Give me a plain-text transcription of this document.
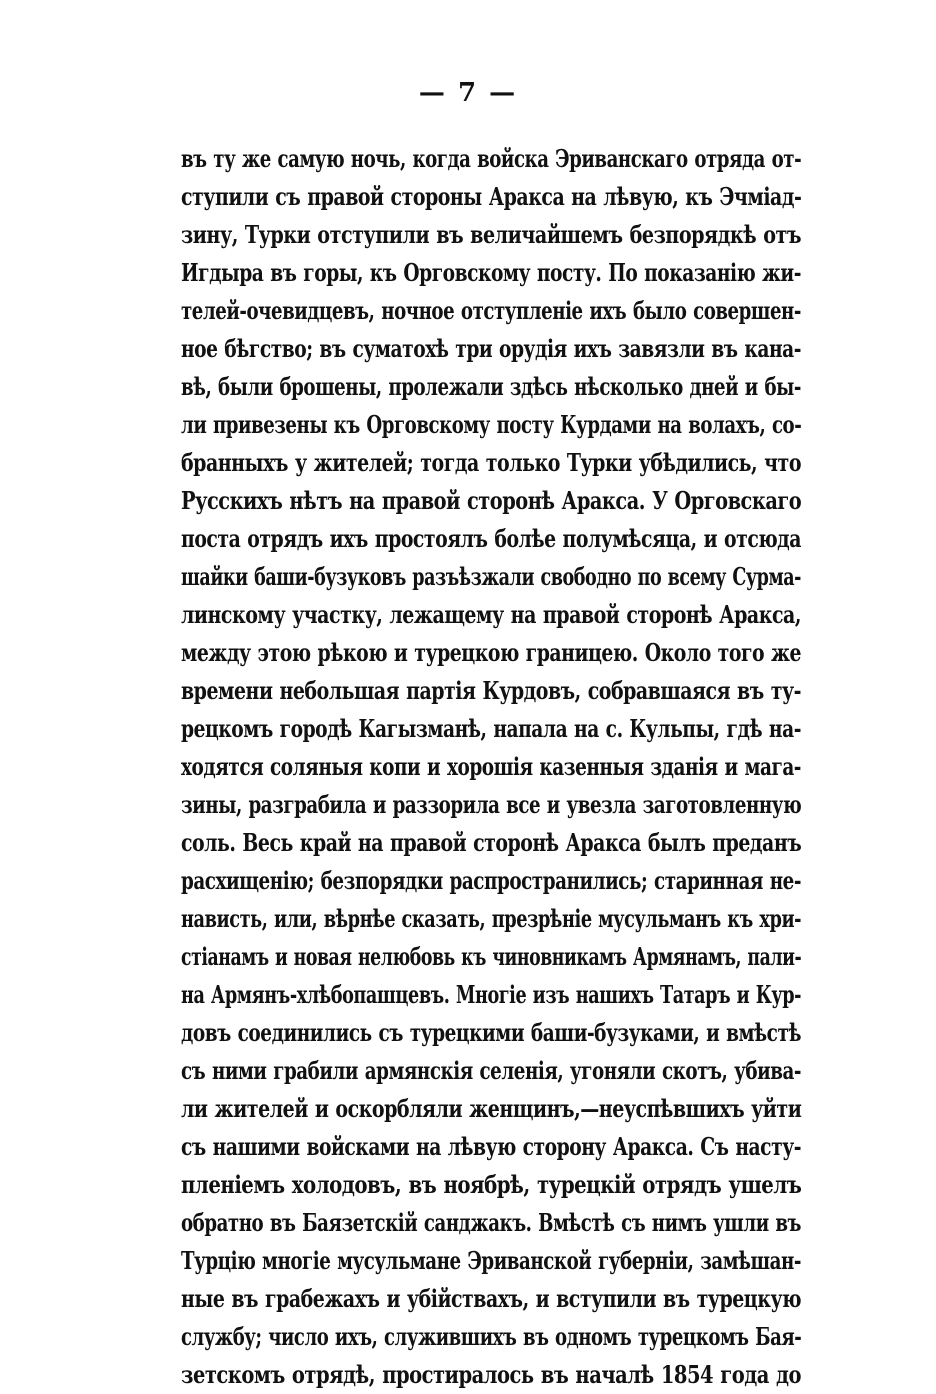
— 7 —
въ ту же самую ночь, когда войска Эриванскаго отряда от-
ступили съ правой стороны Аракса на лѣвую, къ Эчміад-
зину, Турки отступили въ величайшемъ безпорядкѣ отъ
Игдыра въ горы, къ Орговскому посту. По показанію жи-
телей-очевидцевъ, ночное отступленіе ихъ было совершен-
ное бѣгство; въ суматохѣ три орудія ихъ завязли въ кана-
вѣ, были брошены, пролежали здѣсь нѣсколько дней и бы-
ли привезены къ Орговскому посту Курдами на волахъ, со-
бранныхъ у жителей; тогда только Турки убѣдились, что
Русскихъ нѣтъ на правой сторонѣ Аракса. У Орговскаго
поста отрядъ ихъ простоялъ болѣе полумѣсяца, и отсюда
шайки баши-бузуковъ разъѣзжали свободно по всему Сурма-
линскому участку, лежащему на правой сторонѣ Аракса,
между этою рѣкою и турецкою границею. Около того же
времени небольшая партія Курдовъ, собравшаяся въ ту-
рецкомъ городѣ Кагызманѣ, напала на с. Кульпы, гдѣ на-
ходятся соляныя копи и хорошія казенныя зданія и мага-
зины, разграбила и раззорила все и увезла заготовленную
соль. Весь край на правой сторонѣ Аракса былъ преданъ
расхищенію; безпорядки распространились; старинная не-
нависть, или, вѣрнѣе сказать, презрѣніе мусульманъ къ хри-
стіанамъ и новая нелюбовь къ чиновникамъ Армянамъ, пали-
на Армянъ-хлѣбопашцевъ. Многіе изъ нашихъ Татаръ и Кур-
довъ соединились съ турецкими баши-бузуками, и вмѣстѣ
съ ними грабили армянскія селенія, угоняли скотъ, убива-
ли жителей и оскорбляли женщинъ,—неуспѣвшихъ уйти
съ нашими войсками на лѣвую сторону Аракса. Съ насту-
пленіемъ холодовъ, въ ноябрѣ, турецкій отрядъ ушелъ
обратно въ Баязетскій санджакъ. Вмѣстѣ съ нимъ ушли въ
Турцію многіе мусульмане Эриванской губерніи, замѣшан-
ные въ грабежахъ и убійствахъ, и вступили въ турецкую
службу; число ихъ, служившихъ въ одномъ турецкомъ Бая-
зетскомъ отрядѣ, простиралось въ началѣ 1854 года до
